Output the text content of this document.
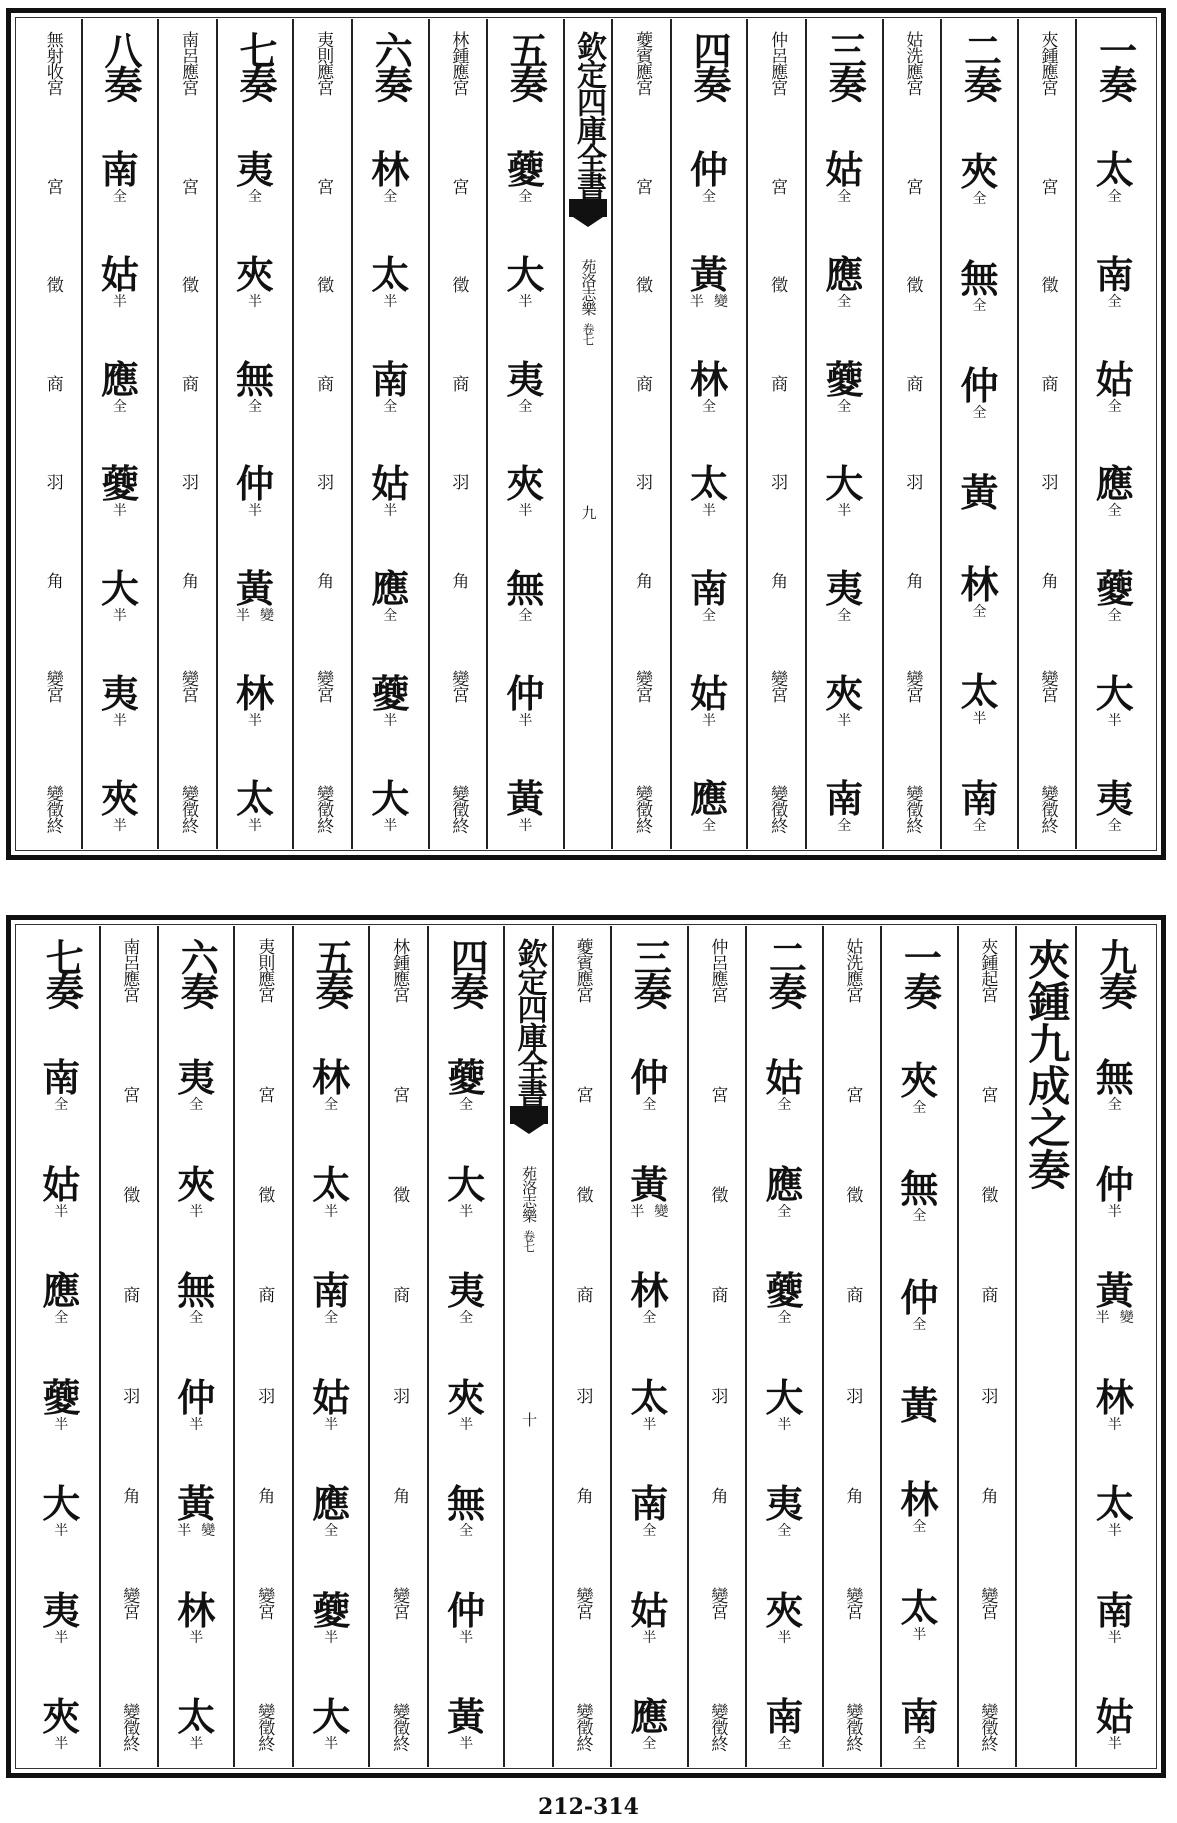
一奏
太
全
南
全
姑
全
應
全
䕫
全
大
半
夷
全
夾鍾應宮
宮
徵
商
羽
角
變宮
變徵終
二奏
夾
全
無
全
仲
全
黃
林
全
太
半
南
全
姑洗應宮
宮
徵
商
羽
角
變宮
變徵終
三奏
姑
全
應
全
䕫
全
大
半
夷
全
夾
半
南
全
仲呂應宮
宮
徵
商
羽
角
變宮
變徵終
四奏
仲
全
黃
半 變
林
全
太
半
南
全
姑
半
應
全
䕫賓應宮
宮
徵
商
羽
角
變宮
變徵終
欽定四庫全書
苑洛志樂
卷七
九
五奏
䕫
全
大
半
夷
全
夾
半
無
全
仲
半
黃
半
林鍾應宮
宮
徵
商
羽
角
變宮
變徵終
六奏
林
全
太
半
南
全
姑
半
應
全
䕫
半
大
半
夷則應宮
宮
徵
商
羽
角
變宮
變徵終
七奏
夷
全
夾
半
無
全
仲
半
黃
半 變
林
半
太
半
南呂應宮
宮
徵
商
羽
角
變宮
變徵終
八奏
南
全
姑
半
應
全
䕫
半
大
半
夷
半
夾
半
無射收宮
宮
徵
商
羽
角
變宮
變徵終
九奏
無
全
仲
半
黃
半 變
林
半
太
半
南
半
姑
半
夾鍾九成之奏
夾鍾起宮
宮
徵
商
羽
角
變宮
變徵終
一奏
夾
全
無
全
仲
全
黃
林
全
太
半
南
全
姑洗應宮
宮
徵
商
羽
角
變宮
變徵終
二奏
姑
全
應
全
䕫
全
大
半
夷
全
夾
半
南
全
仲呂應宮
宮
徵
商
羽
角
變宮
變徵終
三奏
仲
全
黃
半 變
林
全
太
半
南
全
姑
半
應
全
䕫賓應宮
宮
徵
商
羽
角
變宮
變徵終
欽定四庫全書
苑洛志樂
卷七
十
四奏
䕫
全
大
半
夷
全
夾
半
無
全
仲
半
黃
半
林鍾應宮
宮
徵
商
羽
角
變宮
變徵終
五奏
林
全
太
半
南
全
姑
半
應
全
䕫
半
大
半
夷則應宮
宮
徵
商
羽
角
變宮
變徵終
六奏
夷
全
夾
半
無
全
仲
半
黃
半 變
林
半
太
半
南呂應宮
宮
徵
商
羽
角
變宮
變徵終
七奏
南
全
姑
半
應
全
䕫
半
大
半
夷
半
夾
半
212-314
